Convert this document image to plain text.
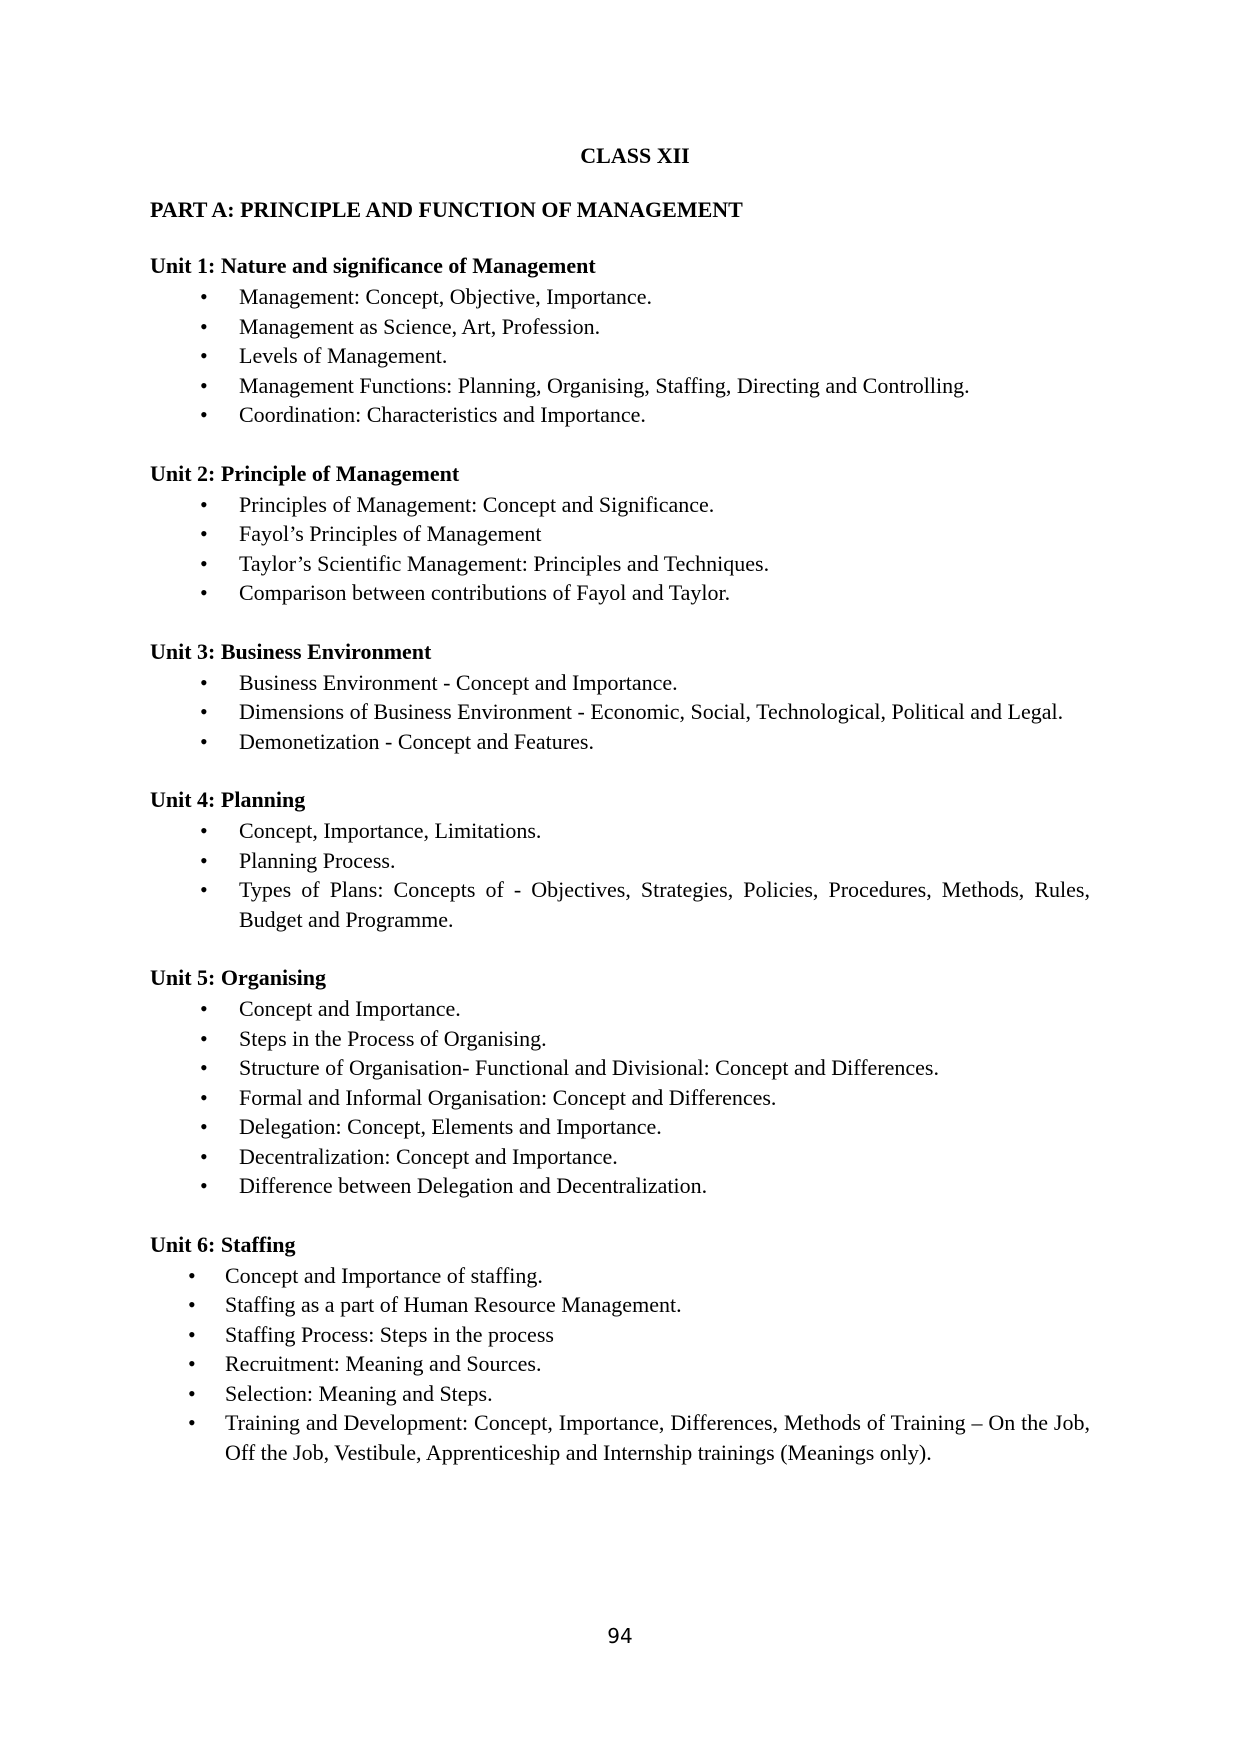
CLASS XII
PART A: PRINCIPLE AND FUNCTION OF MANAGEMENT
Unit 1: Nature and significance of Management
• Management: Concept, Objective, Importance.
• Management as Science, Art, Profession.
• Levels of Management.
• Management Functions: Planning, Organising, Staffing, Directing and Controlling.
• Coordination: Characteristics and Importance.
Unit 2: Principle of Management
• Principles of Management: Concept and Significance.
• Fayol’s Principles of Management
• Taylor’s Scientific Management: Principles and Techniques.
• Comparison between contributions of Fayol and Taylor.
Unit 3: Business Environment
• Business Environment - Concept and Importance.
• Dimensions of Business Environment - Economic, Social, Technological, Political and Legal.
• Demonetization - Concept and Features.
Unit 4: Planning
• Concept, Importance, Limitations.
• Planning Process.
• Types of Plans: Concepts of - Objectives, Strategies, Policies, Procedures, Methods, Rules, Budget and Programme.
Unit 5: Organising
• Concept and Importance.
• Steps in the Process of Organising.
• Structure of Organisation- Functional and Divisional: Concept and Differences.
• Formal and Informal Organisation: Concept and Differences.
• Delegation: Concept, Elements and Importance.
• Decentralization: Concept and Importance.
• Difference between Delegation and Decentralization.
Unit 6: Staffing
• Concept and Importance of staffing.
• Staffing as a part of Human Resource Management.
• Staffing Process: Steps in the process
• Recruitment: Meaning and Sources.
• Selection: Meaning and Steps.
• Training and Development: Concept, Importance, Differences, Methods of Training – On the Job, Off the Job, Vestibule, Apprenticeship and Internship trainings (Meanings only).
94
